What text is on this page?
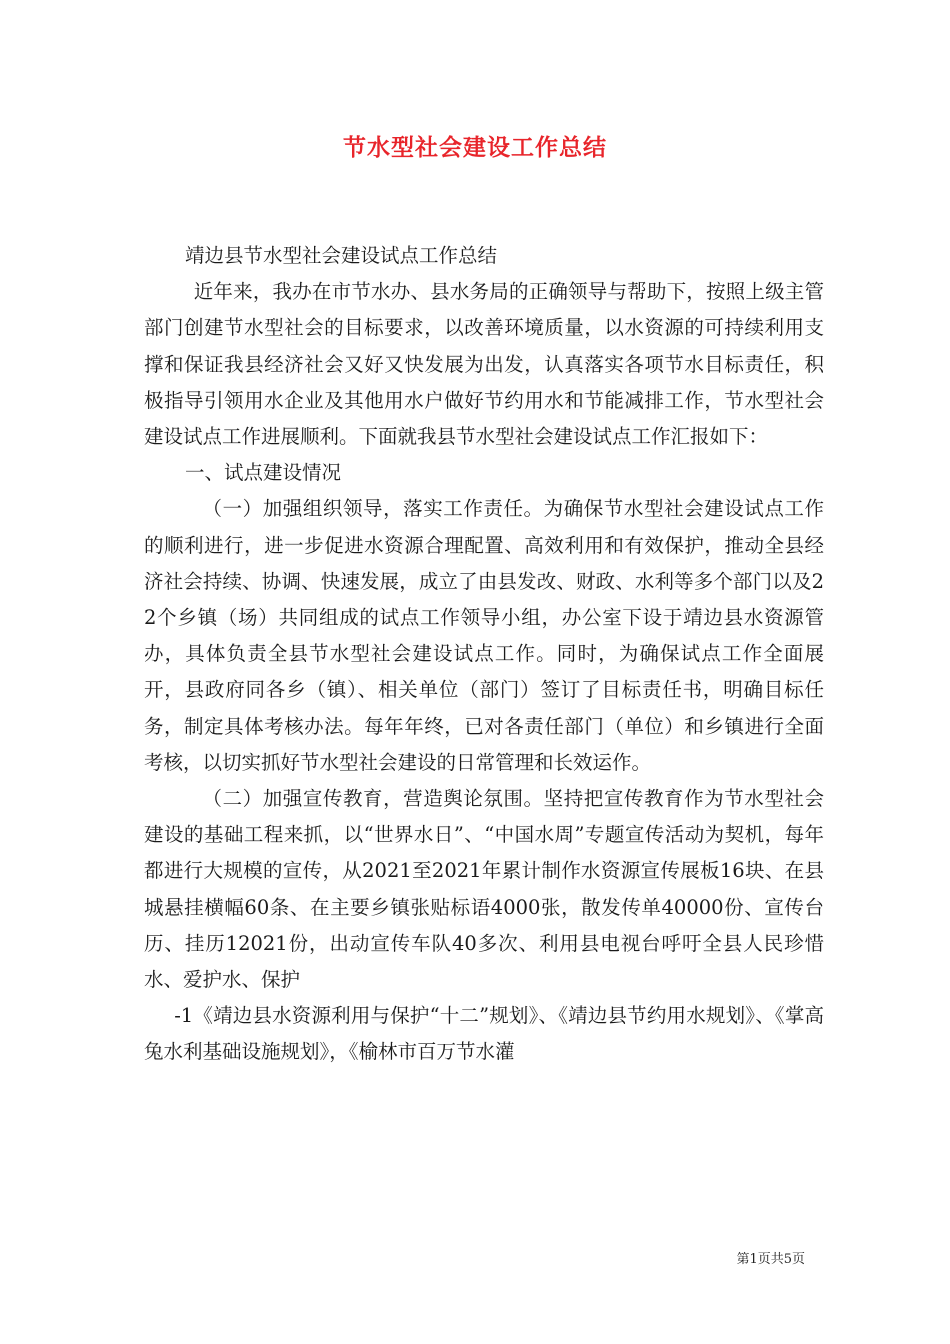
节水型社会建设工作总结

靖边县节水型社会建设试点工作总结

近年来，我办在市节水办、县水务局的正确领导与帮助下，按照上级主管部门创建节水型社会的目标要求，以改善环境质量，以水资源的可持续利用支撑和保证我县经济社会又好又快发展为出发，认真落实各项节水目标责任，积极指导引领用水企业及其他用水户做好节约用水和节能减排工作，节水型社会建设试点工作进展顺利。下面就我县节水型社会建设试点工作汇报如下：

一、试点建设情况

（一）加强组织领导，落实工作责任。为确保节水型社会建设试点工作的顺利进行，进一步促进水资源合理配置、高效利用和有效保护，推动全县经济社会持续、协调、快速发展，成立了由县发改、财政、水利等多个部门以及22个乡镇（场）共同组成的试点工作领导小组，办公室下设于靖边县水资源管办，具体负责全县节水型社会建设试点工作。同时，为确保试点工作全面展开，县政府同各乡（镇）、相关单位（部门）签订了目标责任书，明确目标任务，制定具体考核办法。每年年终，已对各责任部门（单位）和乡镇进行全面考核，以切实抓好节水型社会建设的日常管理和长效运作。

（二）加强宣传教育，营造舆论氛围。坚持把宣传教育作为节水型社会建设的基础工程来抓，以“世界水日”、“中国水周”专题宣传活动为契机，每年都进行大规模的宣传，从2021至2021年累计制作水资源宣传展板16块、在县城悬挂横幅60条、在主要乡镇张贴标语4000张，散发传单40000份、宣传台历、挂历12021份，出动宣传车队40多次、利用县电视台呼吁全县人民珍惜水、爱护水、保护

-1《靖边县水资源利用与保护“十二”规划》、《靖边县节约用水规划》、《掌高兔水利基础设施规划》，《榆林市百万节水灌

第1页共5页
